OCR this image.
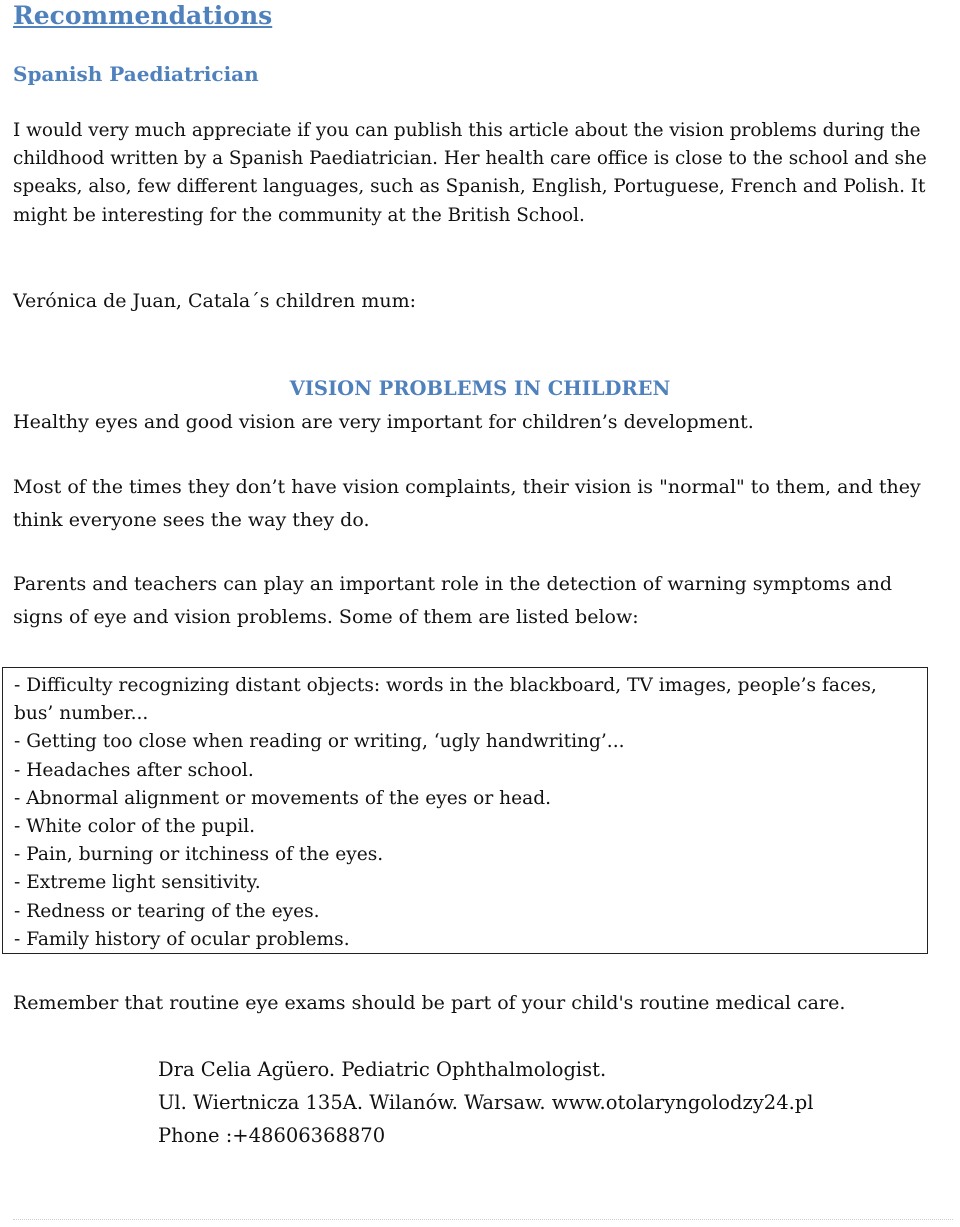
Recommendations
Spanish Paediatrician

I would very much appreciate if you can publish this article about the vision problems during the childhood written by a Spanish Paediatrician. Her health care office is close to the school and she speaks, also, few different languages, such as Spanish, English, Portuguese, French and Polish. It might be interesting for the community at the British School.

Verónica de Juan, Catala´s children mum:

VISION PROBLEMS IN CHILDREN

Healthy eyes and good vision are very important for children’s development.

Most of the times they don’t have vision complaints, their vision is "normal" to them, and they think everyone sees the way they do.

Parents and teachers can play an important role in the detection of warning symptoms and signs of eye and vision problems. Some of them are listed below:

- Difficulty recognizing distant objects: words in the blackboard, TV images, people’s faces, bus’ number...
- Getting too close when reading or writing, ‘ugly handwriting’...
- Headaches after school.
- Abnormal alignment or movements of the eyes or head.
- White color of the pupil.
- Pain, burning or itchiness of the eyes.
- Extreme light sensitivity.
- Redness or tearing of the eyes.
- Family history of ocular problems.

Remember that routine eye exams should be part of your child's routine medical care.

Dra Celia Agüero. Pediatric Ophthalmologist.
Ul. Wiertnicza 135A. Wilanów. Warsaw. www.otolaryngolodzy24.pl
Phone :+48606368870
